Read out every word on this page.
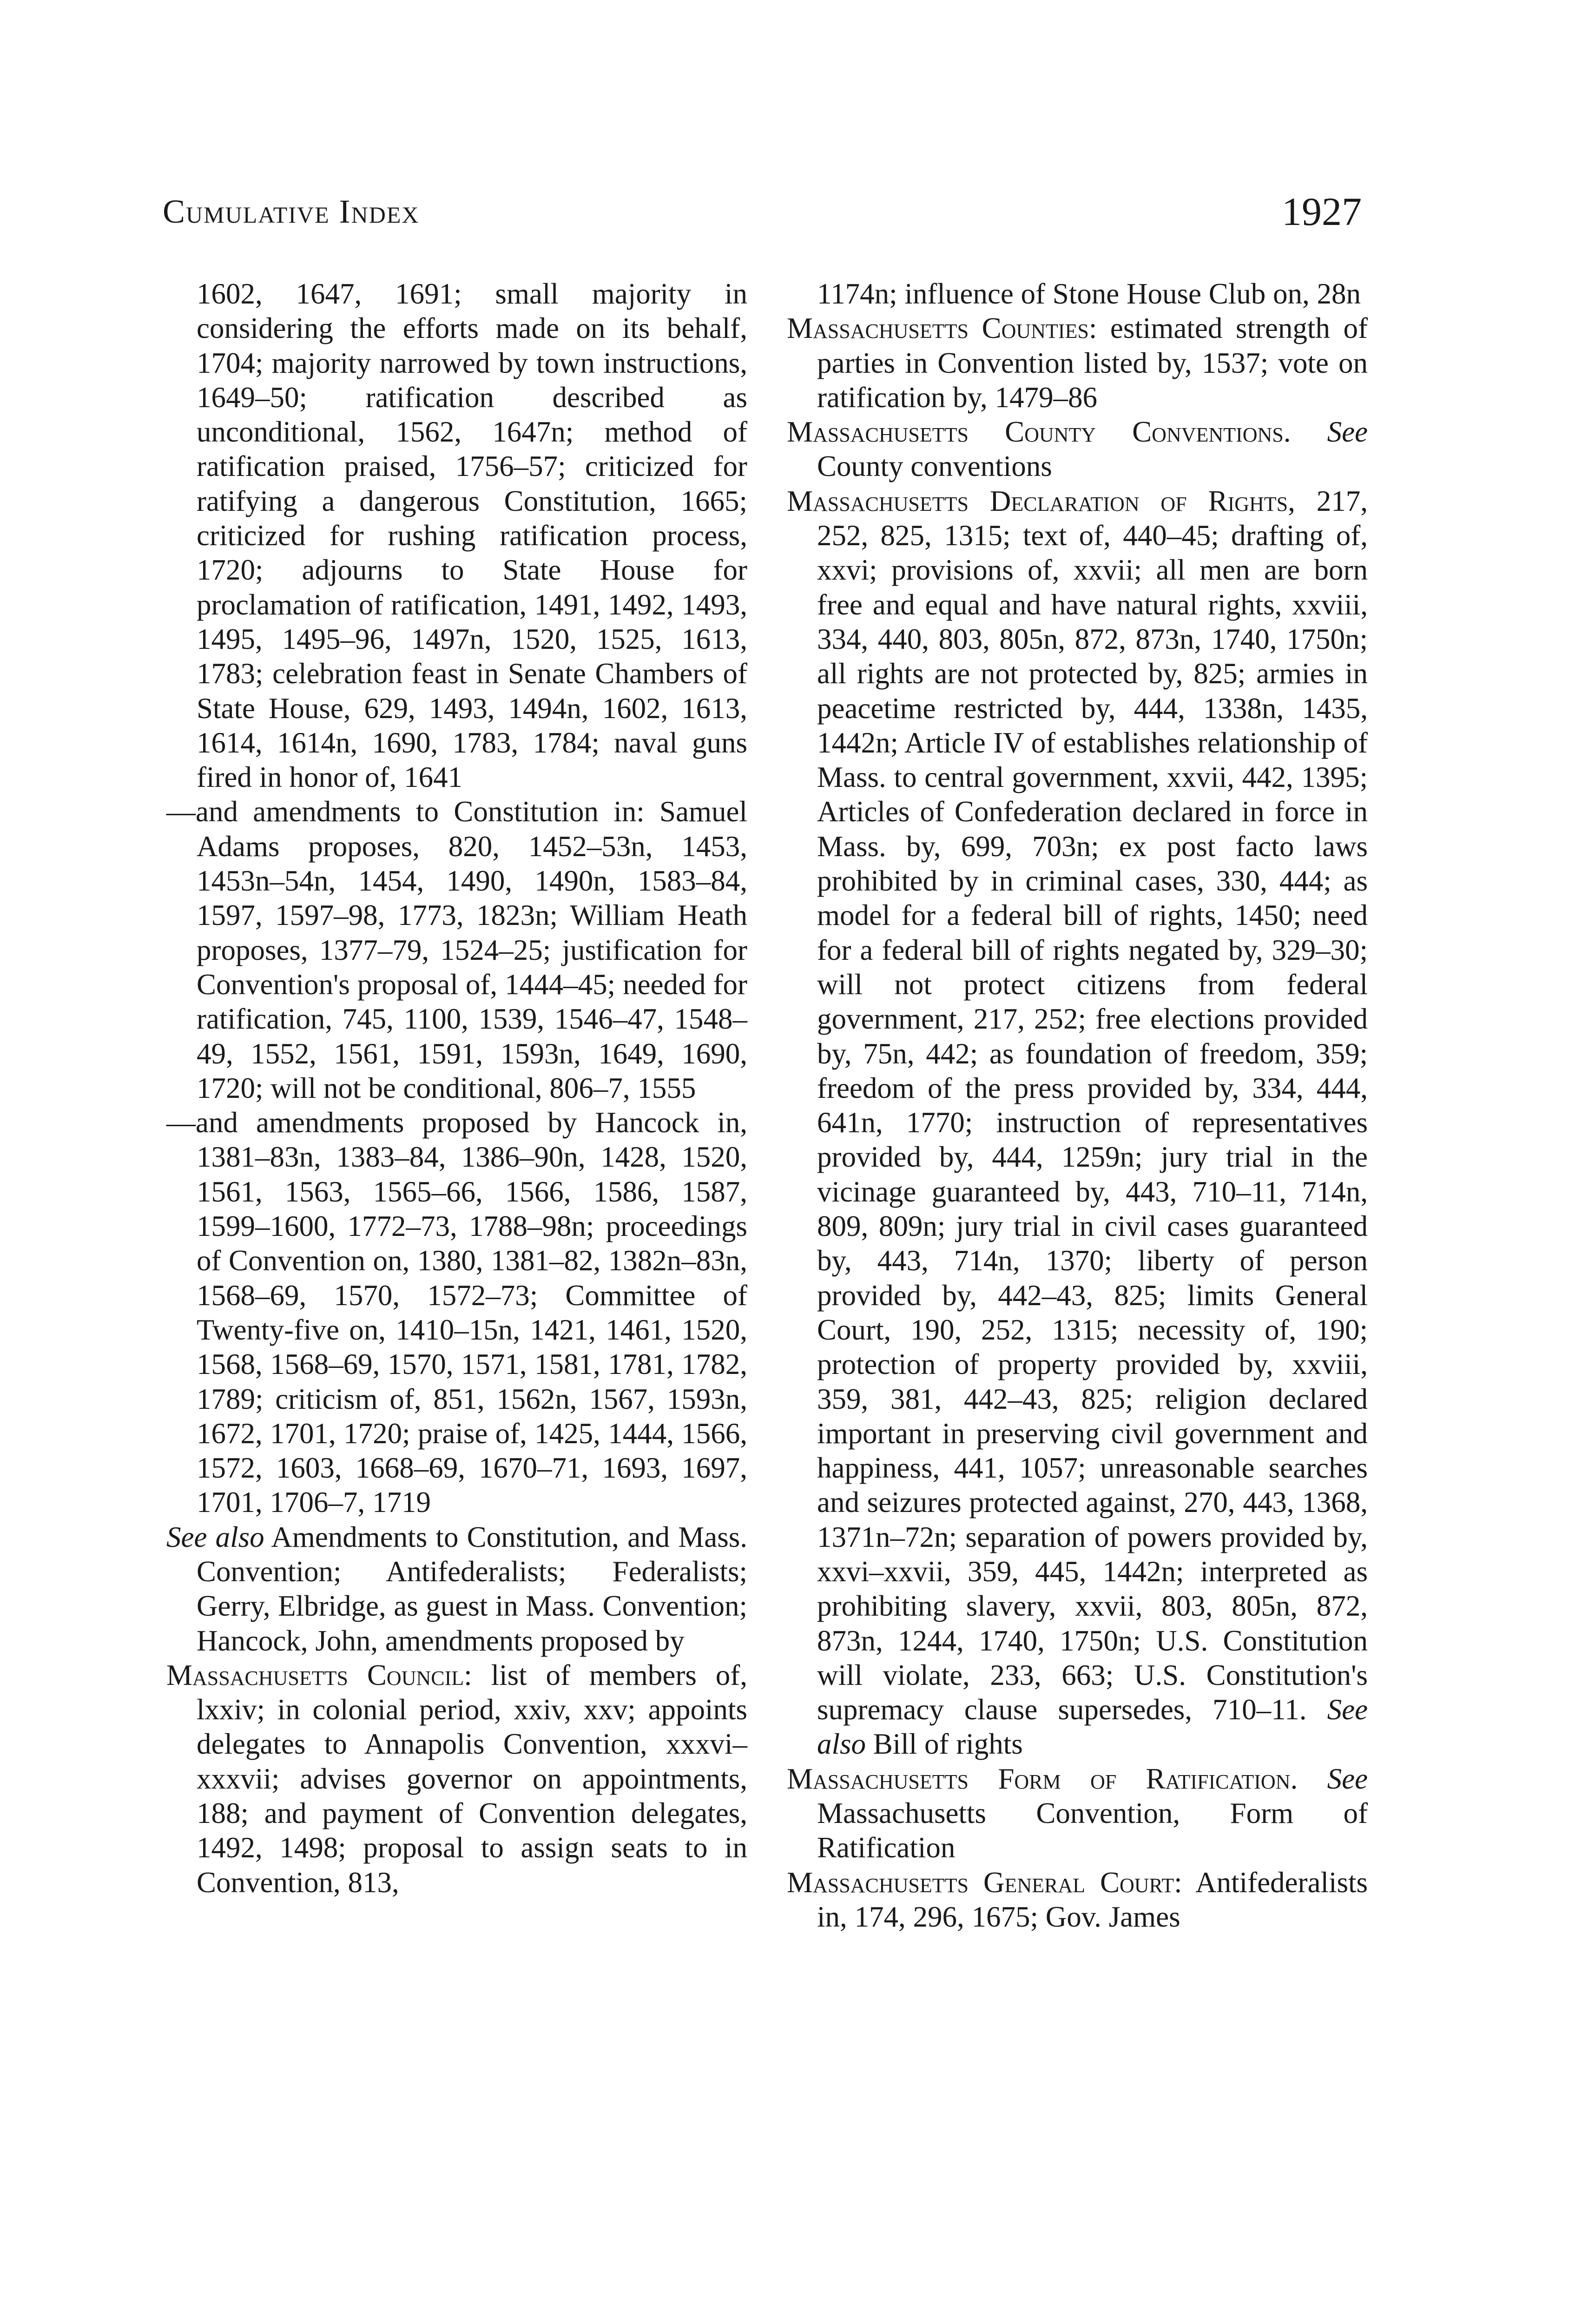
Cumulative Index	1927

1602, 1647, 1691; small majority in considering the efforts made on its behalf, 1704; majority narrowed by town instructions, 1649–50; ratification described as unconditional, 1562, 1647n; method of ratification praised, 1756–57; criticized for ratifying a dangerous Constitution, 1665; criticized for rushing ratification process, 1720; adjourns to State House for proclamation of ratification, 1491, 1492, 1493, 1495, 1495–96, 1497n, 1520, 1525, 1613, 1783; celebration feast in Senate Chambers of State House, 629, 1493, 1494n, 1602, 1613, 1614, 1614n, 1690, 1783, 1784; naval guns fired in honor of, 1641

—and amendments to Constitution in: Samuel Adams proposes, 820, 1452–53n, 1453, 1453n–54n, 1454, 1490, 1490n, 1583–84, 1597, 1597–98, 1773, 1823n; William Heath proposes, 1377–79, 1524–25; justification for Convention's proposal of, 1444–45; needed for ratification, 745, 1100, 1539, 1546–47, 1548–49, 1552, 1561, 1591, 1593n, 1649, 1690, 1720; will not be conditional, 806–7, 1555

—and amendments proposed by Hancock in, 1381–83n, 1383–84, 1386–90n, 1428, 1520, 1561, 1563, 1565–66, 1566, 1586, 1587, 1599–1600, 1772–73, 1788–98n; proceedings of Convention on, 1380, 1381–82, 1382n–83n, 1568–69, 1570, 1572–73; Committee of Twenty-five on, 1410–15n, 1421, 1461, 1520, 1568, 1568–69, 1570, 1571, 1581, 1781, 1782, 1789; criticism of, 851, 1562n, 1567, 1593n, 1672, 1701, 1720; praise of, 1425, 1444, 1566, 1572, 1603, 1668–69, 1670–71, 1693, 1697, 1701, 1706–7, 1719

See also Amendments to Constitution, and Mass. Convention; Antifederalists; Federalists; Gerry, Elbridge, as guest in Mass. Convention; Hancock, John, amendments proposed by

Massachusetts Council: list of members of, lxxiv; in colonial period, xxiv, xxv; appoints delegates to Annapolis Convention, xxxvi–xxxvii; advises governor on appointments, 188; and payment of Convention delegates, 1492, 1498; proposal to assign seats to in Convention, 813,

1174n; influence of Stone House Club on, 28n

Massachusetts Counties: estimated strength of parties in Convention listed by, 1537; vote on ratification by, 1479–86

Massachusetts County Conventions. See County conventions

Massachusetts Declaration of Rights, 217, 252, 825, 1315; text of, 440–45; drafting of, xxvi; provisions of, xxvii; all men are born free and equal and have natural rights, xxviii, 334, 440, 803, 805n, 872, 873n, 1740, 1750n; all rights are not protected by, 825; armies in peacetime restricted by, 444, 1338n, 1435, 1442n; Article IV of establishes relationship of Mass. to central government, xxvii, 442, 1395; Articles of Confederation declared in force in Mass. by, 699, 703n; ex post facto laws prohibited by in criminal cases, 330, 444; as model for a federal bill of rights, 1450; need for a federal bill of rights negated by, 329–30; will not protect citizens from federal government, 217, 252; free elections provided by, 75n, 442; as foundation of freedom, 359; freedom of the press provided by, 334, 444, 641n, 1770; instruction of representatives provided by, 444, 1259n; jury trial in the vicinage guaranteed by, 443, 710–11, 714n, 809, 809n; jury trial in civil cases guaranteed by, 443, 714n, 1370; liberty of person provided by, 442–43, 825; limits General Court, 190, 252, 1315; necessity of, 190; protection of property provided by, xxviii, 359, 381, 442–43, 825; religion declared important in preserving civil government and happiness, 441, 1057; unreasonable searches and seizures protected against, 270, 443, 1368, 1371n–72n; separation of powers provided by, xxvi–xxvii, 359, 445, 1442n; interpreted as prohibiting slavery, xxvii, 803, 805n, 872, 873n, 1244, 1740, 1750n; U.S. Constitution will violate, 233, 663; U.S. Constitution's supremacy clause supersedes, 710–11. See also Bill of rights

Massachusetts Form of Ratification. See Massachusetts Convention, Form of Ratification

Massachusetts General Court: Antifederalists in, 174, 296, 1675; Gov. James
